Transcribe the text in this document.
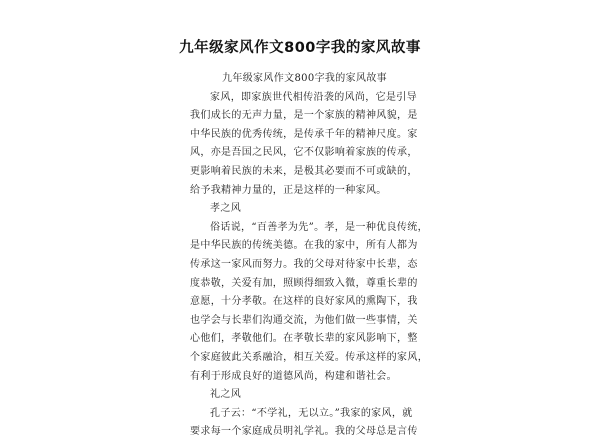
九年级家风作文800字我的家风故事

九年级家风作文800字我的家风故事

家风，即家族世代相传沿袭的风尚，它是引导

我们成长的无声力量，是一个家族的精神风貌，是

中华民族的优秀传统，是传承千年的精神尺度。家

风，亦是吾国之民风，它不仅影响着家族的传承，

更影响着民族的未来，是极其必要而不可或缺的，

给予我精神力量的，正是这样的一种家风。

孝之风

俗话说，“百善孝为先”。孝，是一种优良传统，

是中华民族的传统美德。在我的家中，所有人都为

传承这一家风而努力。我的父母对待家中长辈，态

度恭敬，关爱有加，照顾得细致入微，尊重长辈的

意愿，十分孝敬。在这样的良好家风的熏陶下，我

也学会与长辈们沟通交流，为他们做一些事情，关

心他们，孝敬他们。在孝敬长辈的家风影响下，整

个家庭彼此关系融洽，相互关爱。传承这样的家风，

有利于形成良好的道德风尚，构建和谐社会。

礼之风

孔子云：“不学礼，无以立。”我家的家风，就

要求每一个家庭成员明礼学礼。我的父母总是言传
